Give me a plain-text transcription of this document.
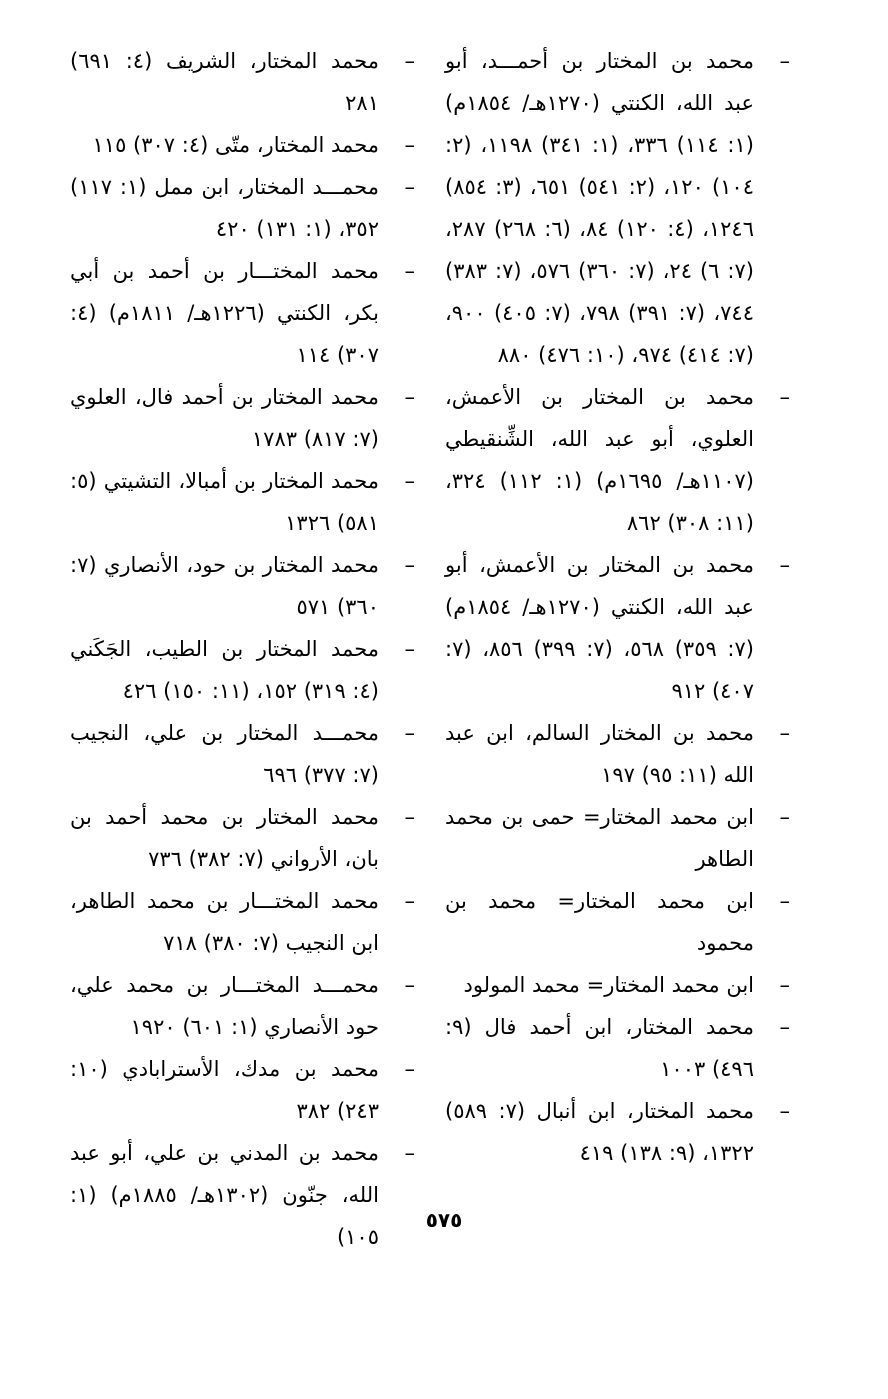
–

محمد بن المختار بن أحمـــد، أبو عبد الله، الكنتي (١٢٧٠هـ/ ١٨٥٤م) (١: ١١٤) ٣٣٦، (١: ٣٤١) ١١٩٨، (٢: ١٠٤) ١٢٠، (٢: ٥٤١) ٦٥١، (٣: ٨٥٤) ١٢٤٦، (٤: ١٢٠) ٨٤، (٦: ٢٦٨) ٢٨٧، (٧: ٦) ٢٤، (٧: ٣٦٠) ٥٧٦، (٧: ٣٨٣) ٧٤٤، (٧: ٣٩١) ٧٩٨، (٧: ٤٠٥) ٩٠٠، (٧: ٤١٤) ٩٧٤، (١٠: ٤٧٦) ٨٨٠

–

محمد بن المختار بن الأعمش، العلوي، أبو عبد الله، الشِّنقيطي (١١٠٧هـ/ ١٦٩٥م) (١: ١١٢) ٣٢٤، (١١: ٣٠٨) ٨٦٢

–

محمد بن المختار بن الأعمش، أبو عبد الله، الكنتي (١٢٧٠هـ/ ١٨٥٤م) (٧: ٣٥٩) ٥٦٨، (٧: ٣٩٩) ٨٥٦، (٧: ٤٠٧) ٩١٢

–

محمد بن المختار السالم، ابن عبد الله (١١: ٩٥) ١٩٧

–

ابن محمد المختار= حمى بن محمد الطاهر

–

ابن محمد المختار= محمد بن محمود

–

ابن محمد المختار= محمد المولود

–

محمد المختار، ابن أحمد فال (٩: ٤٩٦) ١٠٠٣

–

محمد المختار، ابن أنبال (٧: ٥٨٩) ١٣٢٢، (٩: ١٣٨) ٤١٩

–

محمد المختار، الشريف (٤: ٦٩١) ٢٨١

–

محمد المختار، متّى (٤: ٣٠٧) ١١٥

–

محمـــد المختار، ابن ممل (١: ١١٧) ٣٥٢، (١: ١٣١) ٤٢٠

–

محمد المختـــار بن أحمد بن أبي بكر، الكنتي (١٢٢٦هـ/ ١٨١١م) (٤: ٣٠٧) ١١٤

–

محمد المختار بن أحمد فال، العلوي (٧: ٨١٧) ١٧٨٣

–

محمد المختار بن أمبالا، التشيتي (٥: ٥٨١) ١٣٢٦

–

محمد المختار بن حود، الأنصاري (٧: ٣٦٠) ٥٧١

–

محمد المختار بن الطيب، الجَكَني (٤: ٣١٩) ١٥٢، (١١: ١٥٠) ٤٢٦

–

محمـــد المختار بن علي، النجيب (٧: ٣٧٧) ٦٩٦

–

محمد المختار بن محمد أحمد بن بان، الأرواني (٧: ٣٨٢) ٧٣٦

–

محمد المختـــار بن محمد الطاهر، ابن النجيب (٧: ٣٨٠) ٧١٨

–

محمـــد المختـــار بن محمد علي، حود الأنصاري (١: ٦٠١) ١٩٢٠

–

محمد بن مدك، الأسترابادي (١٠: ٢٤٣) ٣٨٢

–

محمد بن المدني بن علي، أبو عبد الله، جنّون (١٣٠٢هـ/ ١٨٨٥م) (١: ١٠٥)

٥٧٥
